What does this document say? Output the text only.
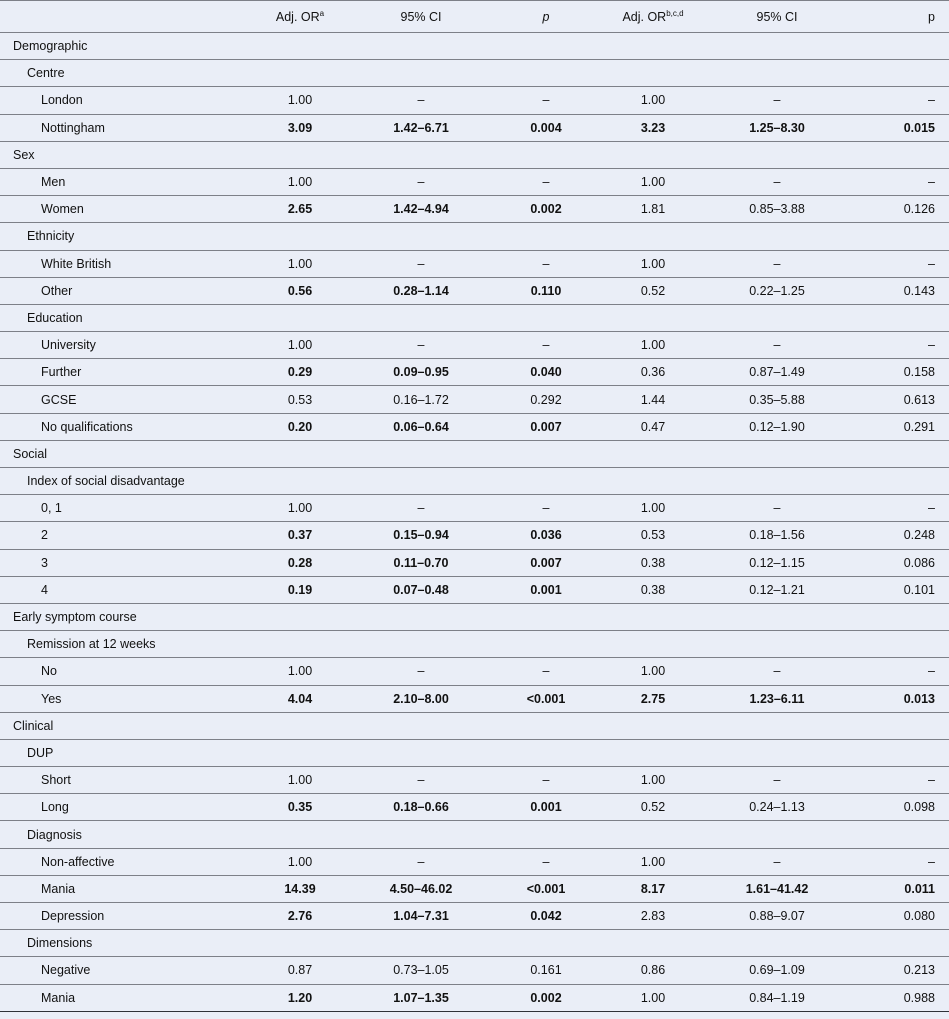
	Adj. $OR^a$	95% CI	p	Adj. OR$^{b,c,d}$	95% CI	p
Demographic						
Centre						
London	1.00	–	–	1.00	–	–
Nottingham	3.09	1.42–6.71	0.004	3.23	1.25–8.30	0.015
Sex						
Men	1.00	–	–	1.00	–	–
Women	2.65	1.42–4.94	0.002	1.81	0.85–3.88	0.126
Ethnicity						
White British	1.00	–	–	1.00	–	–
Other	0.56	0.28–1.14	0.110	0.52	0.22–1.25	0.143
Education						
University	1.00	–	–	1.00	–	–
Further	0.29	0.09–0.95	0.040	0.36	0.87–1.49	0.158
GCSE	0.53	0.16–1.72	0.292	1.44	0.35–5.88	0.613
No qualifications	0.20	0.06–0.64	0.007	0.47	0.12–1.90	0.291
Social						
Index of social disadvantage						
0, 1	1.00	–	–	1.00	–	–
2	0.37	0.15–0.94	0.036	0.53	0.18–1.56	0.248
3	0.28	0.11–0.70	0.007	0.38	0.12–1.15	0.086
4	0.19	0.07–0.48	0.001	0.38	0.12–1.21	0.101
Early symptom course						
Remission at 12 weeks						
No	1.00	–	–	1.00	–	–
Yes	4.04	2.10–8.00	<0.001	2.75	1.23–6.11	0.013
Clinical						
DUP						
Short	1.00	–	–	1.00	–	–
Long	0.35	0.18–0.66	0.001	0.52	0.24–1.13	0.098
Diagnosis						
Non-affective	1.00	–	–	1.00	–	–
Mania	14.39	4.50–46.02	<0.001	8.17	1.61–41.42	0.011
Depression	2.76	1.04–7.31	0.042	2.83	0.88–9.07	0.080
Dimensions						
Negative	0.87	0.73–1.05	0.161	0.86	0.69–1.09	0.213
Mania	1.20	1.07–1.35	0.002	1.00	0.84–1.19	0.988
